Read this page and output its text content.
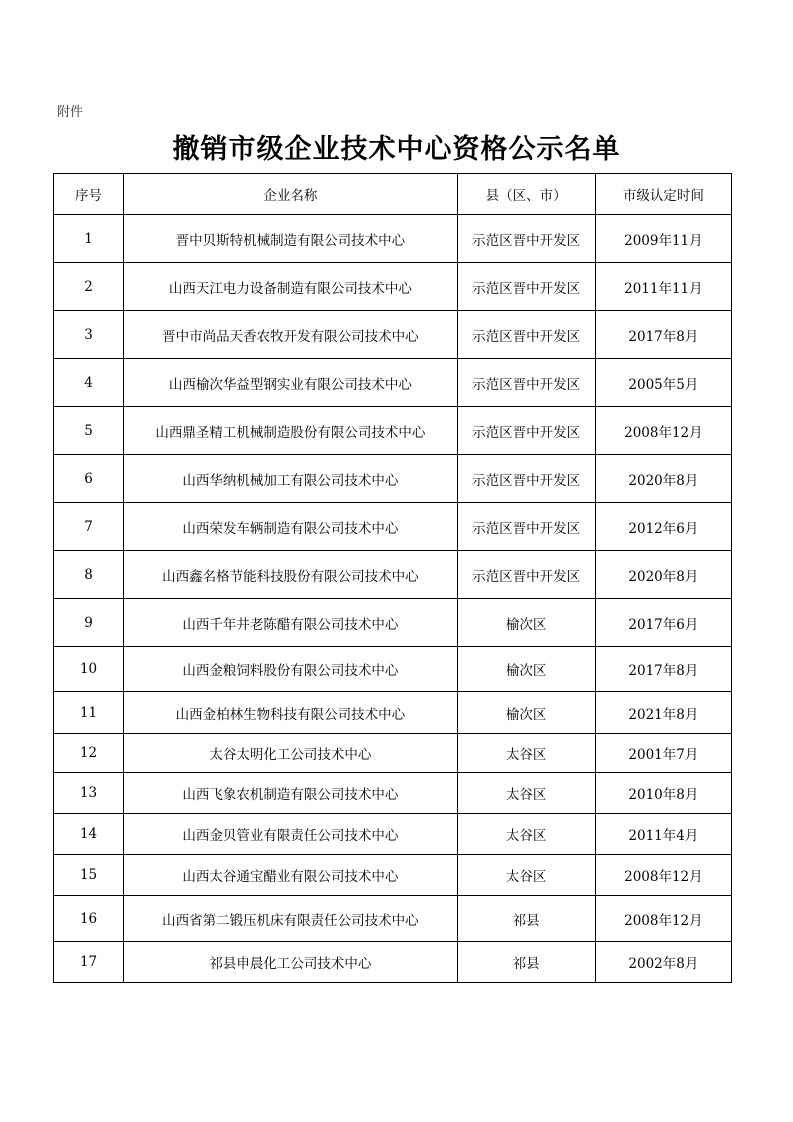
附件
撤销市级企业技术中心资格公示名单
序号	企业名称	县（区、市）	市级认定时间
1	晋中贝斯特机械制造有限公司技术中心	示范区晋中开发区	2009年11月
2	山西天江电力设备制造有限公司技术中心	示范区晋中开发区	2011年11月
3	晋中市尚品天香农牧开发有限公司技术中心	示范区晋中开发区	2017年8月
4	山西榆次华益型钢实业有限公司技术中心	示范区晋中开发区	2005年5月
5	山西鼎圣精工机械制造股份有限公司技术中心	示范区晋中开发区	2008年12月
6	山西华纳机械加工有限公司技术中心	示范区晋中开发区	2020年8月
7	山西荣发车辆制造有限公司技术中心	示范区晋中开发区	2012年6月
8	山西鑫名格节能科技股份有限公司技术中心	示范区晋中开发区	2020年8月
9	山西千年井老陈醋有限公司技术中心	榆次区	2017年6月
10	山西金粮饲料股份有限公司技术中心	榆次区	2017年8月
11	山西金柏林生物科技有限公司技术中心	榆次区	2021年8月
12	太谷太明化工公司技术中心	太谷区	2001年7月
13	山西飞象农机制造有限公司技术中心	太谷区	2010年8月
14	山西金贝管业有限责任公司技术中心	太谷区	2011年4月
15	山西太谷通宝醋业有限公司技术中心	太谷区	2008年12月
16	山西省第二锻压机床有限责任公司技术中心	祁县	2008年12月
17	祁县申晨化工公司技术中心	祁县	2002年8月
